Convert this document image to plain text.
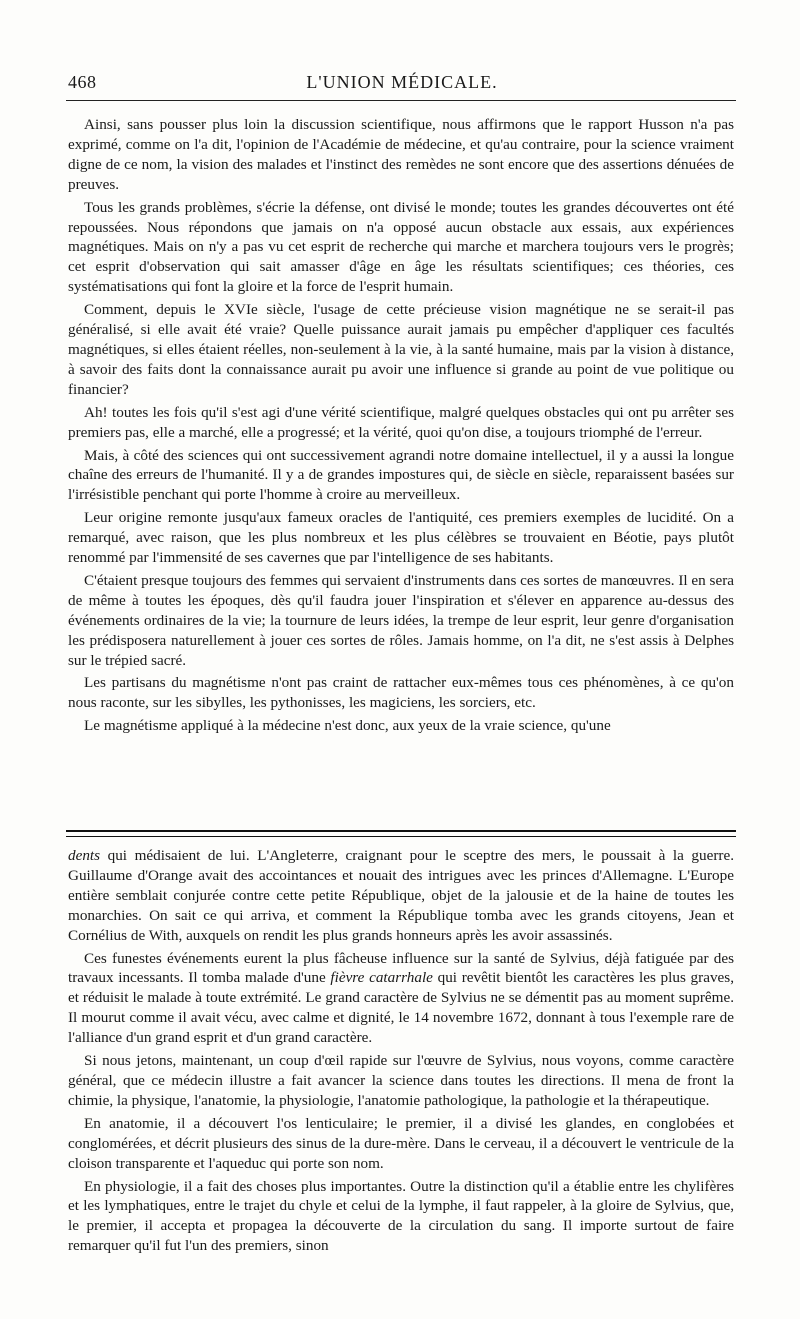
468	L'UNION MÉDICALE.

Ainsi, sans pousser plus loin la discussion scientifique, nous affirmons que le rapport Husson n'a pas exprimé, comme on l'a dit, l'opinion de l'Académie de médecine, et qu'au contraire, pour la science vraiment digne de ce nom, la vision des malades et l'instinct des remèdes ne sont encore que des assertions dénuées de preuves.

Tous les grands problèmes, s'écrie la défense, ont divisé le monde; toutes les grandes découvertes ont été repoussées. Nous répondons que jamais on n'a opposé aucun obstacle aux essais, aux expériences magnétiques. Mais on n'y a pas vu cet esprit de recherche qui marche et marchera toujours vers le progrès; cet esprit d'observation qui sait amasser d'âge en âge les résultats scientifiques; ces théories, ces systématisations qui font la gloire et la force de l'esprit humain.

Comment, depuis le XVIe siècle, l'usage de cette précieuse vision magnétique ne se serait-il pas généralisé, si elle avait été vraie? Quelle puissance aurait jamais pu empêcher d'appliquer ces facultés magnétiques, si elles étaient réelles, non-seulement à la vie, à la santé humaine, mais par la vision à distance, à savoir des faits dont la connaissance aurait pu avoir une influence si grande au point de vue politique ou financier?

Ah! toutes les fois qu'il s'est agi d'une vérité scientifique, malgré quelques obstacles qui ont pu arrêter ses premiers pas, elle a marché, elle a progressé; et la vérité, quoi qu'on dise, a toujours triomphé de l'erreur.

Mais, à côté des sciences qui ont successivement agrandi notre domaine intellectuel, il y a aussi la longue chaîne des erreurs de l'humanité. Il y a de grandes impostures qui, de siècle en siècle, reparaissent basées sur l'irrésistible penchant qui porte l'homme à croire au merveilleux.

Leur origine remonte jusqu'aux fameux oracles de l'antiquité, ces premiers exemples de lucidité. On a remarqué, avec raison, que les plus nombreux et les plus célèbres se trouvaient en Béotie, pays plutôt renommé par l'immensité de ses cavernes que par l'intelligence de ses habitants.

C'étaient presque toujours des femmes qui servaient d'instruments dans ces sortes de manœuvres. Il en sera de même à toutes les époques, dès qu'il faudra jouer l'inspiration et s'élever en apparence au-dessus des événements ordinaires de la vie; la tournure de leurs idées, la trempe de leur esprit, leur genre d'organisation les prédisposera naturellement à jouer ces sortes de rôles. Jamais homme, on l'a dit, ne s'est assis à Delphes sur le trépied sacré.

Les partisans du magnétisme n'ont pas craint de rattacher eux-mêmes tous ces phénomènes, à ce qu'on nous raconte, sur les sibylles, les pythonisses, les magiciens, les sorciers, etc.

Le magnétisme appliqué à la médecine n'est donc, aux yeux de la vraie science, qu'une

dents qui médisaient de lui. L'Angleterre, craignant pour le sceptre des mers, le poussait à la guerre. Guillaume d'Orange avait des accointances et nouait des intrigues avec les princes d'Allemagne. L'Europe entière semblait conjurée contre cette petite République, objet de la jalousie et de la haine de toutes les monarchies. On sait ce qui arriva, et comment la République tomba avec les grands citoyens, Jean et Cornélius de With, auxquels on rendit les plus grands honneurs après les avoir assassinés.

Ces funestes événements eurent la plus fâcheuse influence sur la santé de Sylvius, déjà fatiguée par des travaux incessants. Il tomba malade d'une fièvre catarrhale qui revêtit bientôt les caractères les plus graves, et réduisit le malade à toute extrémité. Le grand caractère de Sylvius ne se démentit pas au moment suprême. Il mourut comme il avait vécu, avec calme et dignité, le 14 novembre 1672, donnant à tous l'exemple rare de l'alliance d'un grand esprit et d'un grand caractère.

Si nous jetons, maintenant, un coup d'œil rapide sur l'œuvre de Sylvius, nous voyons, comme caractère général, que ce médecin illustre a fait avancer la science dans toutes les directions. Il mena de front la chimie, la physique, l'anatomie, la physiologie, l'anatomie pathologique, la pathologie et la thérapeutique.

En anatomie, il a découvert l'os lenticulaire; le premier, il a divisé les glandes, en conglobées et conglomérées, et décrit plusieurs des sinus de la dure-mère. Dans le cerveau, il a découvert le ventricule de la cloison transparente et l'aqueduc qui porte son nom.

En physiologie, il a fait des choses plus importantes. Outre la distinction qu'il a établie entre les chylifères et les lymphatiques, entre le trajet du chyle et celui de la lymphe, il faut rappeler, à la gloire de Sylvius, que, le premier, il accepta et propagea la découverte de la circulation du sang. Il importe surtout de faire remarquer qu'il fut l'un des premiers, sinon
